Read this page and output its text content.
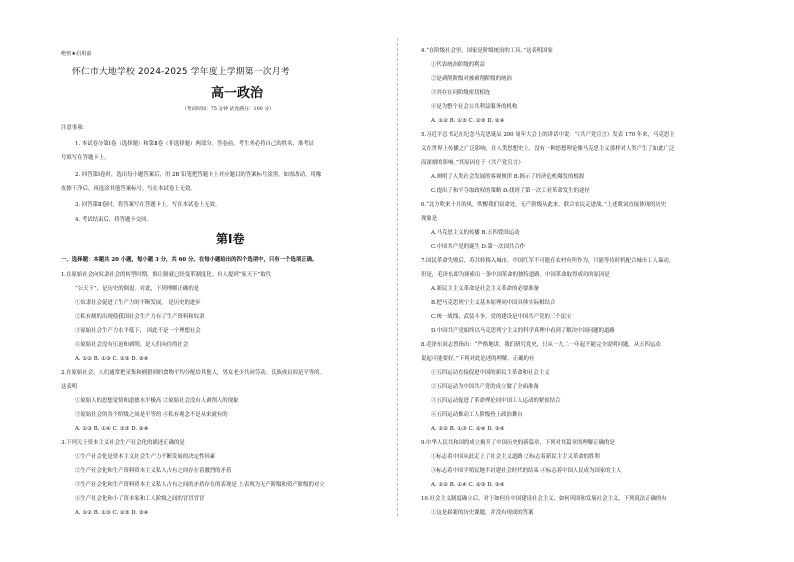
绝密★启用前
怀仁市大地学校 2024-2025 学年度上学期第一次月考
高一政治
（考试时间：75 分钟 试卷满分：100 分）
注意事项：
1. 本试卷分第Ⅰ卷（选择题）和第Ⅱ卷（非选择题）两部分。答卷前，考生务必将自己的姓名、准考证
号填写在答题卡上。
2. 回答第Ⅰ卷时，选出每小题答案后，用 2B 铅笔把答题卡上对应题目的答案标号涂黑。如需改动，用橡
皮擦干净后，再选涂其他答案标号。写在本试卷上无效。
3. 回答第Ⅱ卷时，将答案写在答题卡上。写在本试卷上无效。
4. 考试结束后，将答题卡交回。
第Ⅰ卷
一、选择题：本题共 20 小题，每小题 3 分，共 60 分。在每小题给出的四个选项中，只有一个选项正确。
1.在原始社会向奴隶社会的转型时期，推让制就已经变革制度化。有人提到“家天下”取代
“公天下”，是历史的倒退。对此，下列理解正确的是
①奴隶社会促进了生产力的不断发展， 是历史的进步
②私有制的出现使我国社会生产力有了生产资料和奴隶
③原始社会生产力水平低下， 因此不是一个理想社会
④原始社会没有压迫和剥削，是人们向往的社会
A. ①② B. ①③ C. ②③ D. ③④
2.在原始社会，人们通常把采集和捕猎到的食物平均分配给其他人，男女老少共同劳动。氏族成员间是平等的。
这表明
①原始人的思想觉悟和道德水平极高 ②原始社会没有人剥削人的现象
③原始社会的各个阶级之间是平等的 ④私有观念不是从来就有的
A. ①③ B. ①④ C. ②③ D. ②④
3.下列关于资本主义社会生产社会化的描述正确的是
①生产社会化是资本主义社会生产力不断发展的决定性因素
②生产社会化和生产资料资本主义私人占有之间存在着激烈的矛盾
③生产社会化和生产资料资本主义私人占有之间的矛盾存在的表现是 上表现为无产阶级和资产阶级的对立
④生产社会化和小了资本家和工人阶级之间的冒冒冒冒
A. ①② B. ①③ C. ②③ D. ③④
4.“在阶级社会里，国家是阶级统治的工具。”这表明国家
①代表统治阶级的利益
②是剥削阶级对被剥削阶级的统治
③其存在同阶级密切相连
④是为整个社会公共利益服务的机构
A. ①② B. ①③ C. ②③ D. ②④
5.习近平总书记在纪念马克思诞辰 200 周年大会上的讲话中说：“《共产党宣言》发表 170 年来，马克思主
义在世界上传播之广泛影响，在人类思想史上，没有一种思想理论像马克思主义那样对人类产生了如此广泛
而深刻的影响。”其原因在于《共产党宣言》
A.阐明了人类社会发展的客观规律 B.揭示了经济危机爆发的根源
C.提出了和平夺取政权的策略 D.找到了第一次工业革命发生的途径
6.“北方吹来十月的风，吹醒我们宿命处。无产阶级从此来，联合农民走进战。”上述歌词直接体现的历史
现象是
A.马克思主义的传播 B.五四爱国运动
C.中国共产党的诞生 D.第一次国共合作
7.国民革命失败后，苏共转移入城市，中国红军不可能在农村有所作为，只能等待时机配合城市工人暴动。
但是，毛泽东却为探索出一条中国革命的独特道路。中国革命取得成功的原因是
A.新民主主义革命是社会主义革命的必要准备
B.把马克思列宁主义基本原理同中国具体实际相结合
C.统一战线、武装斗争、党的建设是中国共产党的三个法宝
D.中国共产党始终以马克思列宁主义的科学真理中看到了解决中国问题的道路
8.毛泽东同志曾指出：“严格地讲，我们研究党史，只从一九二一年起不能完全说明问题，从五四运动
说起可能要好。”下列对此论述的理解，正确的有
①五四运动直接促进中国的新民主革命和社会主义
②五四运动为中国共产党的成立做了全面准备
③五四运动促进了革命理论同中国工人运动的紧密结合
④五四运动推动工人阶级登上政治舞台
A. ①② B. ①③ C. ②④ D. ③④
9.中华人民共和国的成立揭开了中国历史的新篇章，下列对其篇章的理解正确的是
①标志着中国从此走上了社会主义道路 ②标志着新民主主义革命的胜利
③标志着中国半殖民地半封建社会时代的结束 ④标志着中国人民成为国家的主人
A. ①② B. ①④ C. ②③ D. ③④
10.社会主义制度确立后，对于如何在中国建设社会主义、如何巩固和发展社会主义，下列说法正确的有
①这是崭新的历史课题，并没有现成的答案
